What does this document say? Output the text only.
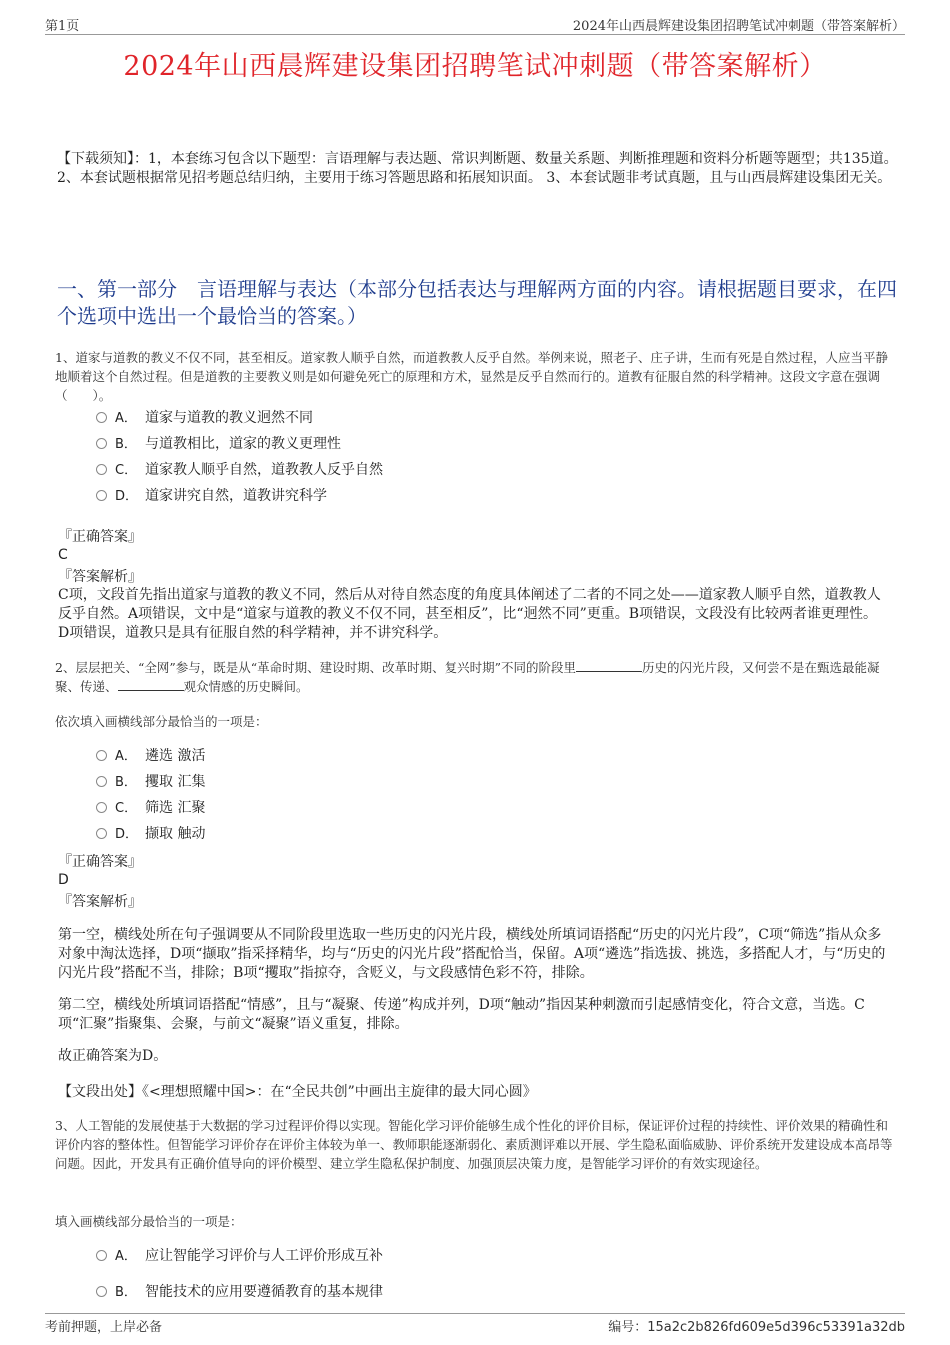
第1页	2024年山西晨辉建设集团招聘笔试冲刺题（带答案解析）
2024年山西晨辉建设集团招聘笔试冲刺题（带答案解析）
【下载须知】：1，本套练习包含以下题型：言语理解与表达题、常识判断题、数量关系题、判断推理题和资料分析题等题型；共135道。 2、本套试题根据常见招考题总结归纳，主要用于练习答题思路和拓展知识面。 3、本套试题非考试真题，且与山西晨辉建设集团无关。
一、第一部分　言语理解与表达（本部分包括表达与理解两方面的内容。请根据题目要求，在四个选项中选出一个最恰当的答案。）
1、道家与道教的教义不仅不同，甚至相反。道家教人顺乎自然，而道教教人反乎自然。举例来说，照老子、庄子讲，生而有死是自然过程，人应当平静地顺着这个自然过程。但是道教的主要教义则是如何避免死亡的原理和方术，显然是反乎自然而行的。道教有征服自然的科学精神。这段文字意在强调（　　）。
A． 道家与道教的教义迥然不同
B． 与道教相比，道家的教义更理性
C． 道家教人顺乎自然，道教教人反乎自然
D． 道家讲究自然，道教讲究科学
『正确答案』
C
『答案解析』
C项，文段首先指出道家与道教的教义不同，然后从对待自然态度的角度具体阐述了二者的不同之处——道家教人顺乎自然，道教教人反乎自然。A项错误，文中是“道家与道教的教义不仅不同，甚至相反”，比“迥然不同”更重。B项错误，文段没有比较两者谁更理性。D项错误，道教只是具有征服自然的科学精神，并不讲究科学。
2、层层把关、“全网”参与，既是从“革命时期、建设时期、改革时期、复兴时期”不同的阶段里	历史的闪光片段，又何尝不是在甄选最能凝聚、传递、	观众情感的历史瞬间。
依次填入画横线部分最恰当的一项是：
A． 遴选 激活
B． 攫取 汇集
C． 筛选 汇聚
D． 撷取 触动
『正确答案』
D
『答案解析』
第一空，横线处所在句子强调要从不同阶段里选取一些历史的闪光片段，横线处所填词语搭配“历史的闪光片段”，C项“筛选”指从众多对象中淘汰选择，D项“撷取”指采择精华，均与“历史的闪光片段”搭配恰当，保留。A项“遴选”指选拔、挑选，多搭配人才，与“历史的闪光片段”搭配不当，排除；B项“攫取”指掠夺，含贬义，与文段感情色彩不符，排除。
第二空，横线处所填词语搭配“情感”，且与“凝聚、传递”构成并列，D项“触动”指因某种刺激而引起感情变化，符合文意，当选。C项“汇聚”指聚集、会聚，与前文“凝聚”语义重复，排除。
故正确答案为D。
【文段出处】《<理想照耀中国>：在“全民共创”中画出主旋律的最大同心圆》
3、人工智能的发展使基于大数据的学习过程评价得以实现。智能化学习评价能够生成个性化的评价目标，保证评价过程的持续性、评价效果的精确性和评价内容的整体性。但智能学习评价存在评价主体较为单一、教师职能逐渐弱化、素质测评难以开展、学生隐私面临威胁、评价系统开发建设成本高昂等问题。因此，开发具有正确价值导向的评价模型、建立学生隐私保护制度、加强顶层决策力度，是智能学习评价的有效实现途径。
填入画横线部分最恰当的一项是：
A． 应让智能学习评价与人工评价形成互补
B． 智能技术的应用要遵循教育的基本规律
考前押题，上岸必备	编号：15a2c2b826fd609e5d396c53391a32db
